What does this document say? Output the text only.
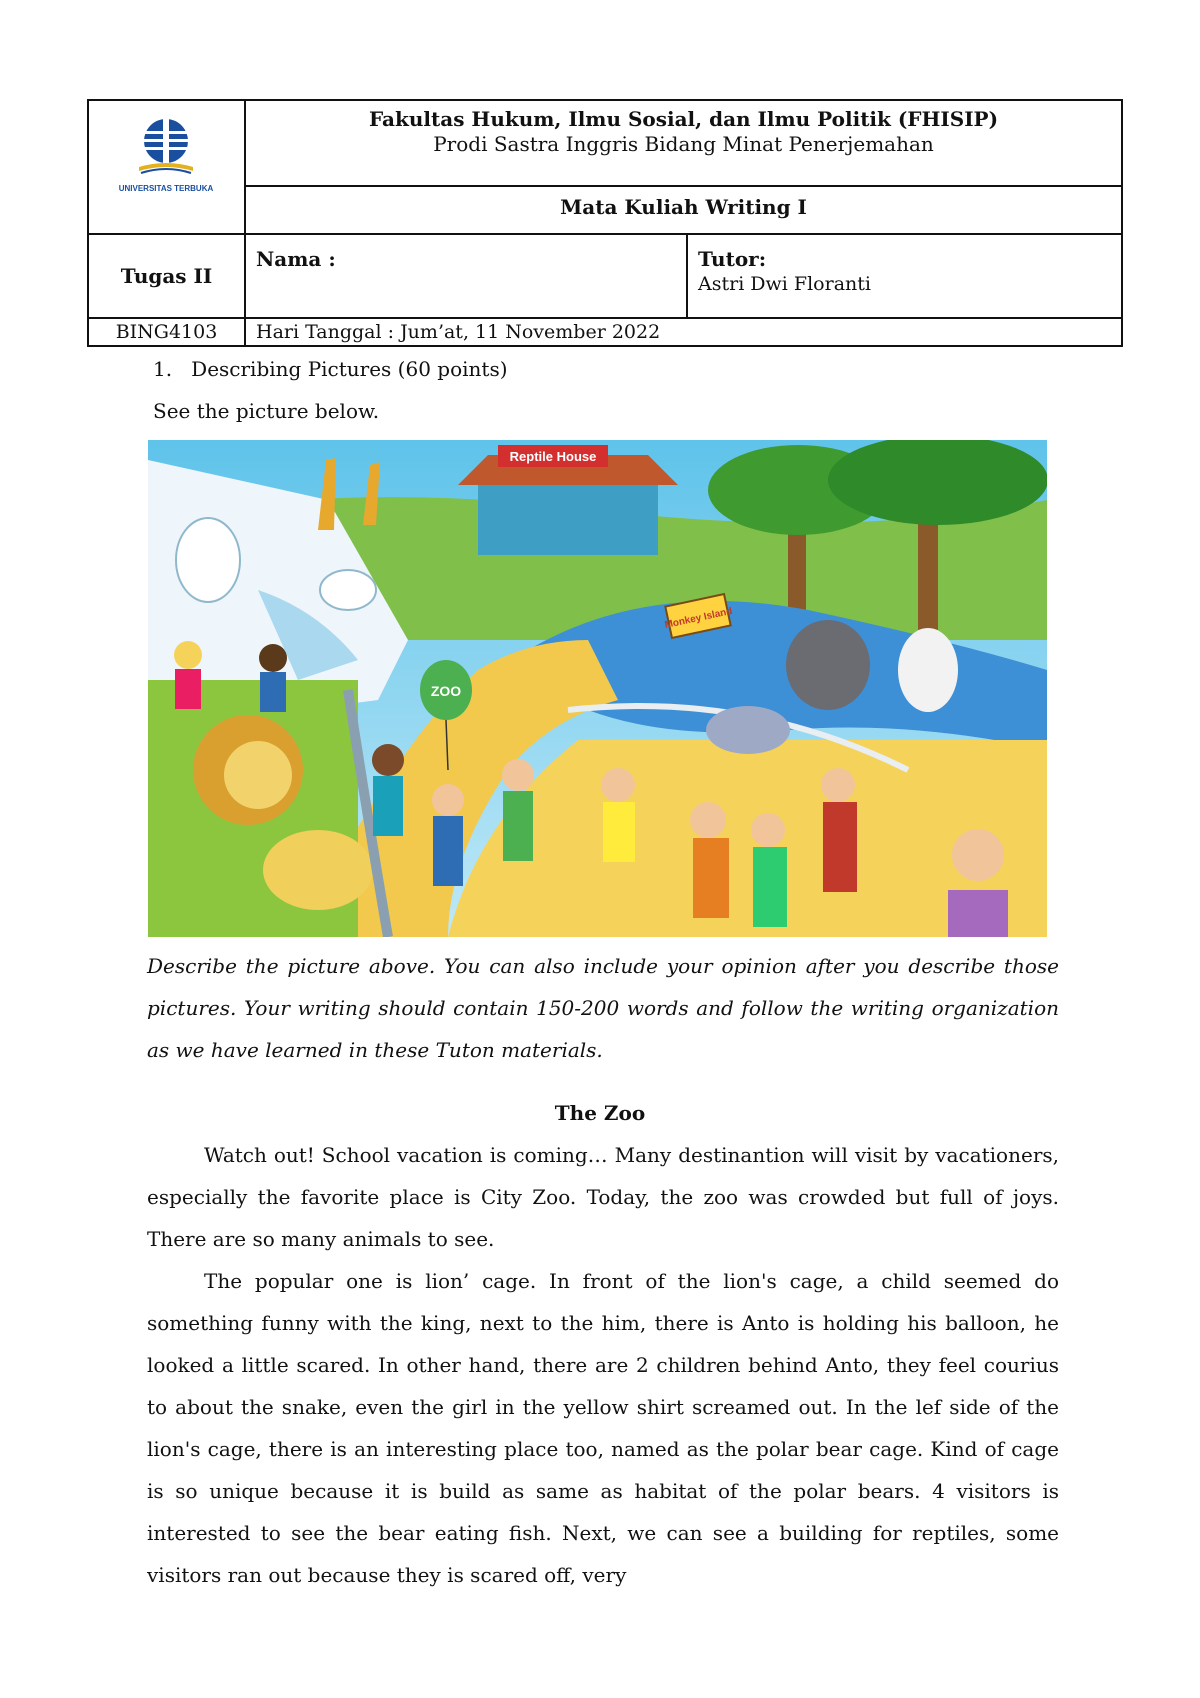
UNIVERSITAS TERBUKA	Fakultas Hukum, Ilmu Sosial, dan Ilmu Politik (FHISIP)
Prodi Sastra Inggris Bidang Minat Penerjemahan	

	Mata Kuliah Writing I	
Tugas II	Nama :	Tutor:
Astri Dwi Floranti

BING4103	Hari Tanggal : Jum’at, 11 November 2022	
1.   Describing Pictures (60 points)
See the picture below.
Reptile House
Monkey Island
ZOO
Describe the picture above. You can also include your opinion after you describe those pictures. Your writing should contain 150-200 words and follow the writing organization as we have learned in these Tuton materials.
The Zoo
Watch out! School vacation is coming… Many destinantion will visit by vacationers, especially the favorite place is City Zoo. Today, the zoo was crowded but full of joys. There are so many animals to see.
The popular one is lion’ cage. In front of the lion's cage, a child seemed do something funny with the king, next to the him, there is Anto is holding his balloon, he looked a little scared. In other hand, there are 2 children behind Anto, they feel courius to about the snake, even the girl in the yellow shirt screamed out. In the lef side of the lion's cage, there is an interesting place too, named as the polar bear cage. Kind of cage is so unique because it is build as same as habitat of the polar bears. 4 visitors is interested to see the bear eating fish. Next, we can see a building for reptiles, some visitors ran out because they is scared off, very
